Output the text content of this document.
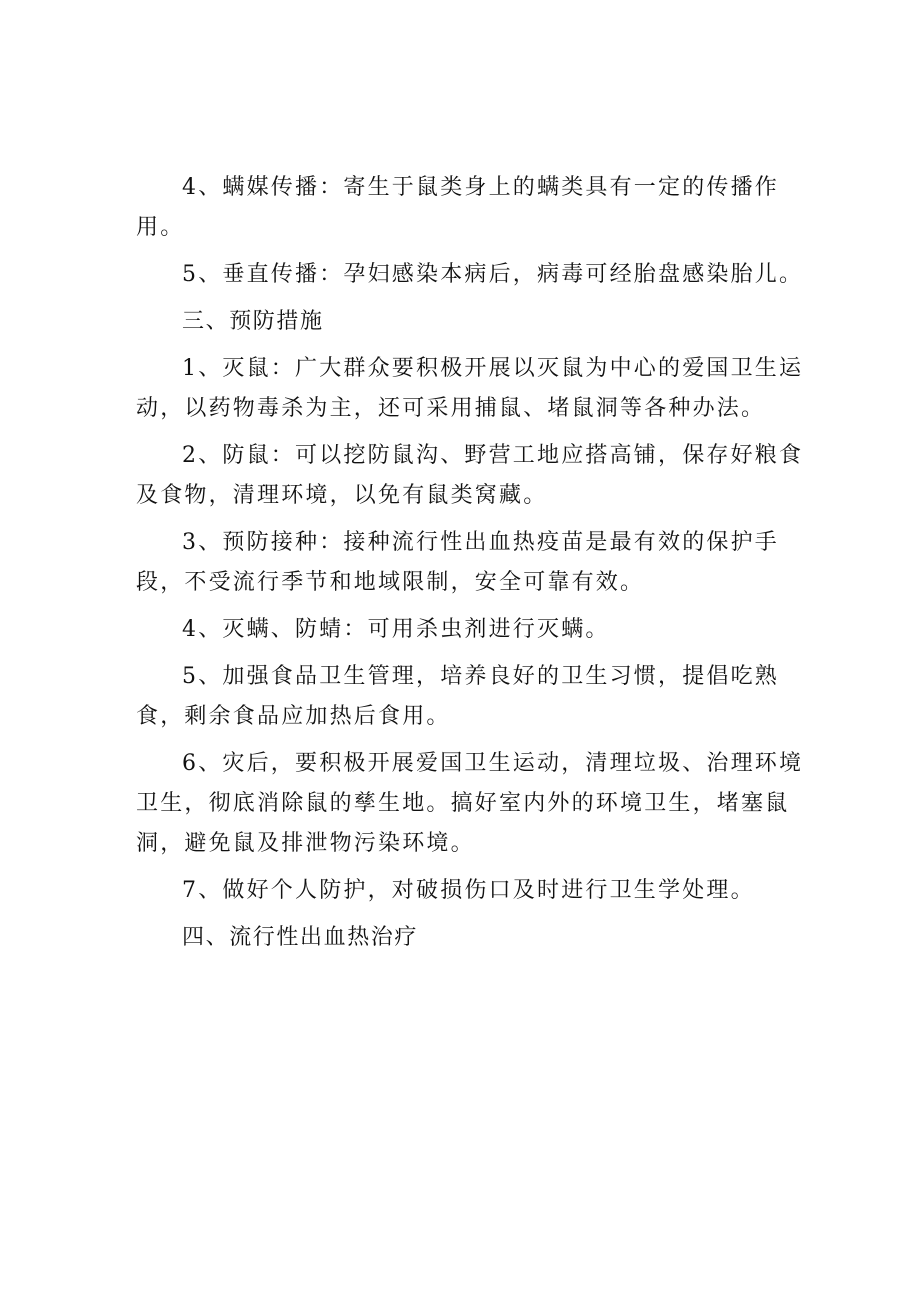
4、螨媒传播：寄生于鼠类身上的螨类具有一定的传播作
用。

5、垂直传播：孕妇感染本病后，病毒可经胎盘感染胎儿。

三、预防措施

1、灭鼠：广大群众要积极开展以灭鼠为中心的爱国卫生运动，以药物毒杀为主，还可采用捕鼠、堵鼠洞等各种办法。

2、防鼠：可以挖防鼠沟、野营工地应搭高铺，保存好粮食及食物，清理环境，以免有鼠类窝藏。

3、预防接种：接种流行性出血热疫苗是最有效的保护手段，不受流行季节和地域限制，安全可靠有效。

4、灭螨、防蜻：可用杀虫剂进行灭螨。

5、加强食品卫生管理，培养良好的卫生习惯，提倡吃熟食，剩余食品应加热后食用。

6、灾后，要积极开展爱国卫生运动，清理垃圾、治理环境卫生，彻底消除鼠的孳生地。搞好室内外的环境卫生，堵塞鼠洞，避免鼠及排泄物污染环境。

7、做好个人防护，对破损伤口及时进行卫生学处理。

四、流行性出血热治疗
